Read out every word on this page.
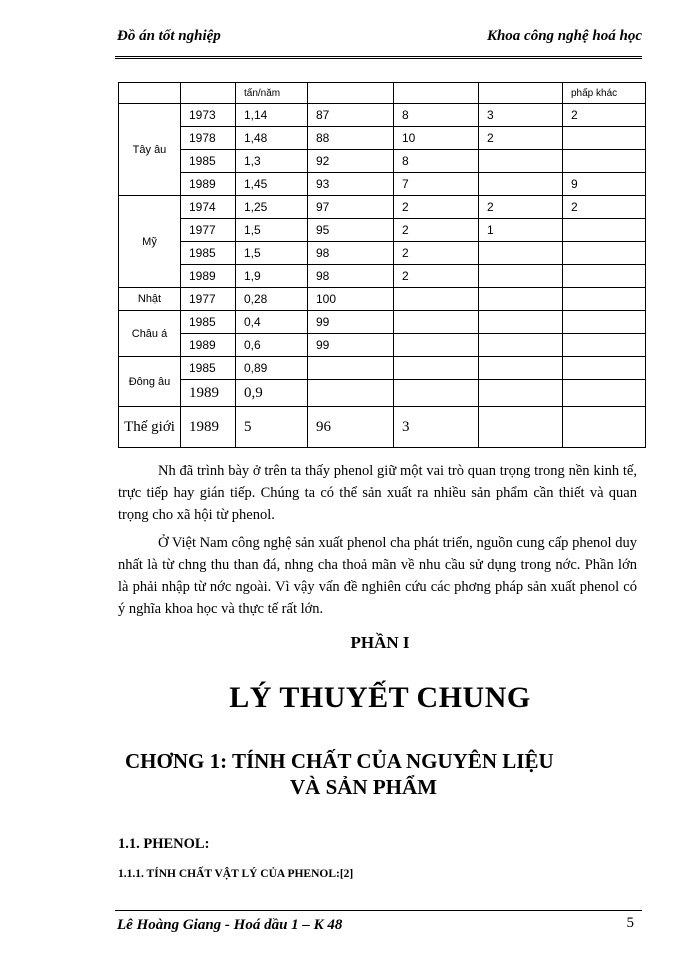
Đồ án tốt nghiệp	Khoa công nghệ hoá học
		tấn/năm				phấp khác
Tây âu	1973	1,14	87	8	3	2
	1978	1,48	88	10	2	
	1985	1,3	92	8		
	1989	1,45	93	7		9
Mỹ	1974	1,25	97	2	2	2
	1977	1,5	95	2	1	
	1985	1,5	98	2		
	1989	1,9	98	2		
Nhật	1977	0,28	100			
Châu á	1985	0,4	99			
	1989	0,6	99			
Đông âu	1985	0,89				
	1989	0,9				
Thế giới	1989	5	96	3		

Nh đã trình bày ở trên ta thấy phenol giữ một vai trò quan trọng trong nền kinh tế, trực tiếp hay gián tiếp. Chúng ta có thể sản xuất ra nhiều sản phẩm cần thiết và quan trọng cho xã hội từ phenol.

Ở Việt Nam công nghệ sản xuất phenol cha phát triển, nguồn cung cấp phenol duy nhất là từ chng thu than đá, nhng cha thoả mãn về nhu cầu sử dụng trong nớc. Phần lớn là phải nhập từ nớc ngoài. Vì vậy vấn đề nghiên cứu các phơng pháp sản xuất phenol có ý nghĩa khoa học và thực tế rất lớn.

PHẦN I
LÝ THUYẾT CHUNG
CHƠNG 1: TÍNH CHẤT CỦA NGUYÊN LIỆU
VÀ SẢN PHẨM
1.1. PHENOL:
1.1.1. TÍNH CHẤT VẬT LÝ CỦA PHENOL:[2]
Lê Hoàng Giang - Hoá dầu 1 – K 48	5
